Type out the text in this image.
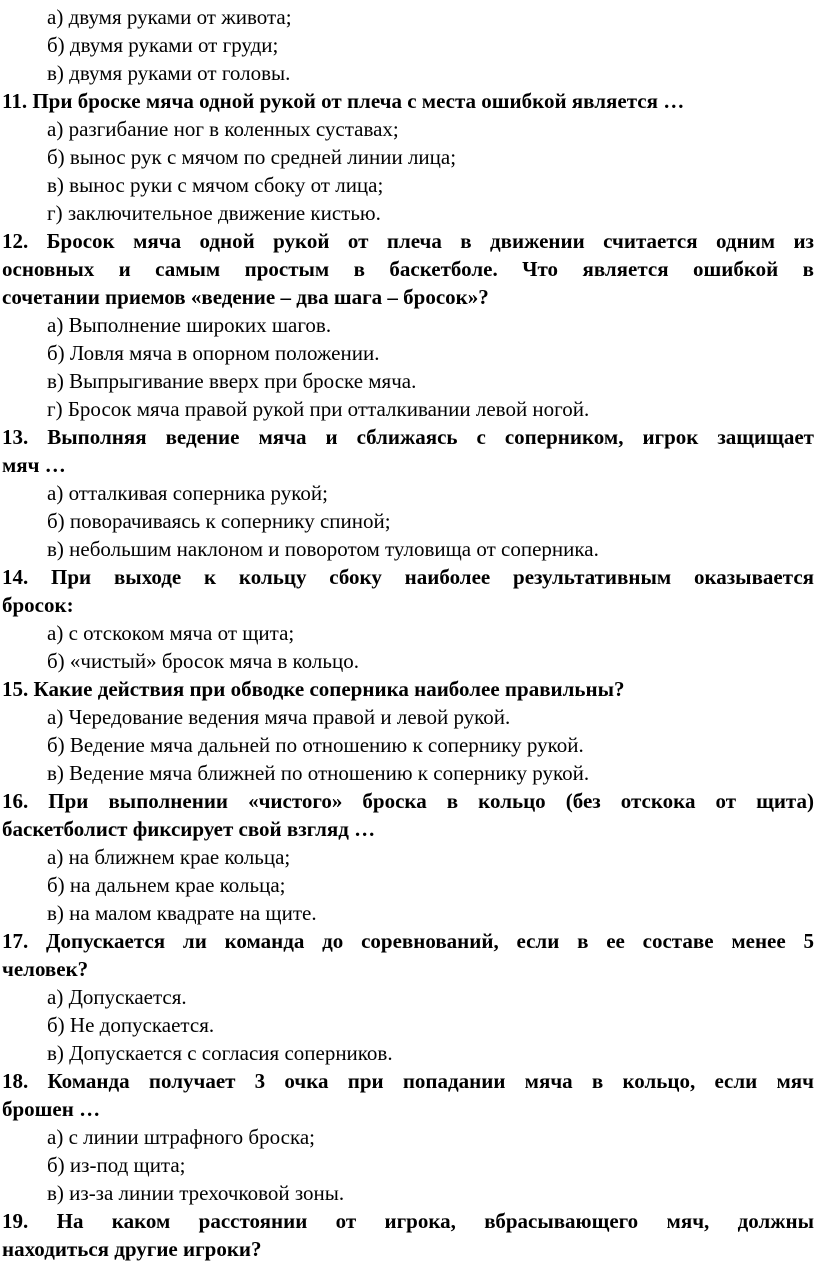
а) двумя руками от живота;
б) двумя руками от груди;
в) двумя руками от головы.
11. При броске мяча одной рукой от плеча с места ошибкой является …
а) разгибание ног в коленных суставах;
б) вынос рук с мячом по средней линии лица;
в) вынос руки с мячом сбоку от лица;
г) заключительное движение кистью.
12. Бросок мяча одной рукой от плеча в движении считается одним из
основных и самым простым в баскетболе. Что является ошибкой в
сочетании приемов «ведение – два шага – бросок»?
а) Выполнение широких шагов.
б) Ловля мяча в опорном положении.
в) Выпрыгивание вверх при броске мяча.
г) Бросок мяча правой рукой при отталкивании левой ногой.
13. Выполняя ведение мяча и сближаясь с соперником, игрок защищает
мяч …
а) отталкивая соперника рукой;
б) поворачиваясь к сопернику спиной;
в) небольшим наклоном и поворотом туловища от соперника.
14. При выходе к кольцу сбоку наиболее результативным оказывается
бросок:
а) с отскоком мяча от щита;
б) «чистый» бросок мяча в кольцо.
15. Какие действия при обводке соперника наиболее правильны?
а) Чередование ведения мяча правой и левой рукой.
б) Ведение мяча дальней по отношению к сопернику рукой.
в) Ведение мяча ближней по отношению к сопернику рукой.
16. При выполнении «чистого» броска в кольцо (без отскока от щита)
баскетболист фиксирует свой взгляд …
а) на ближнем крае кольца;
б) на дальнем крае кольца;
в) на малом квадрате на щите.
17. Допускается ли команда до соревнований, если в ее составе менее 5
человек?
а) Допускается.
б) Не допускается.
в) Допускается с согласия соперников.
18. Команда получает 3 очка при попадании мяча в кольцо, если мяч
брошен …
а) с линии штрафного броска;
б) из-под щита;
в) из-за линии трехочковой зоны.
19. На каком расстоянии от игрока, вбрасывающего мяч, должны
находиться другие игроки?
